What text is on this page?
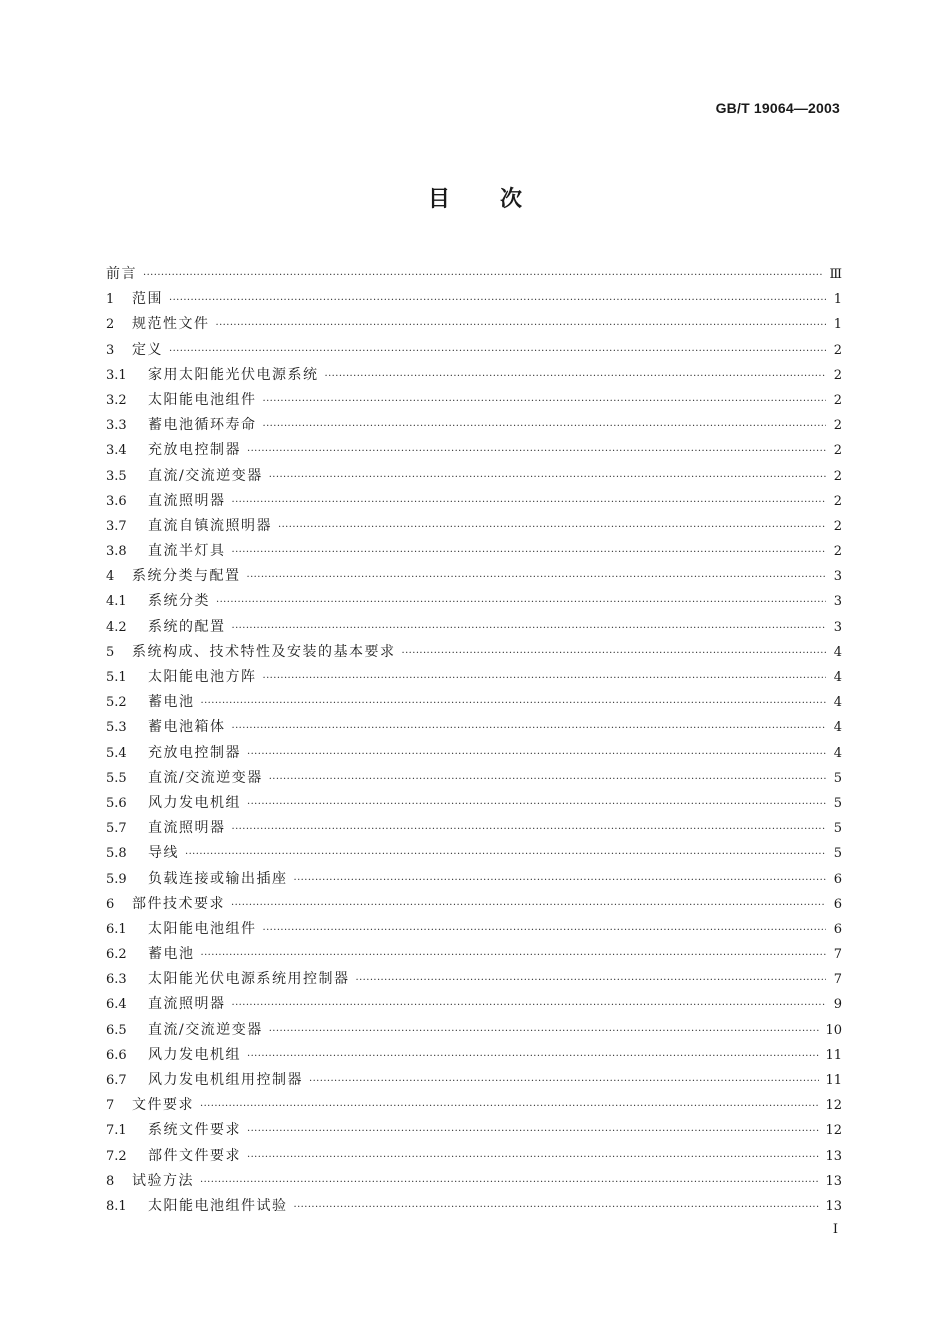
GB/T 19064—2003
目次
前言 ·····	Ⅲ
1	范围 ·····	1
2	规范性文件 ·····	1
3	定义 ·····	2
3.1	家用太阳能光伏电源系统 ·····	2
3.2	太阳能电池组件 ·····	2
3.3	蓄电池循环寿命 ·····	2
3.4	充放电控制器 ·····	2
3.5	直流/交流逆变器 ·····	2
3.6	直流照明器 ·····	2
3.7	直流自镇流照明器 ·····	2
3.8	直流半灯具 ·····	2
4	系统分类与配置 ·····	3
4.1	系统分类 ·····	3
4.2	系统的配置 ·····	3
5	系统构成、技术特性及安装的基本要求 ·····	4
5.1	太阳能电池方阵 ·····	4
5.2	蓄电池 ·····	4
5.3	蓄电池箱体 ·····	4
5.4	充放电控制器 ·····	4
5.5	直流/交流逆变器 ·····	5
5.6	风力发电机组 ·····	5
5.7	直流照明器 ·····	5
5.8	导线 ·····	5
5.9	负载连接或输出插座 ·····	6
6	部件技术要求 ·····	6
6.1	太阳能电池组件 ·····	6
6.2	蓄电池 ·····	7
6.3	太阳能光伏电源系统用控制器 ·····	7
6.4	直流照明器 ·····	9
6.5	直流/交流逆变器 ·····	10
6.6	风力发电机组 ·····	11
6.7	风力发电机组用控制器 ·····	11
7	文件要求 ·····	12
7.1	系统文件要求 ·····	12
7.2	部件文件要求 ·····	13
8	试验方法 ·····	13
8.1	太阳能电池组件试验 ·····	13
I
